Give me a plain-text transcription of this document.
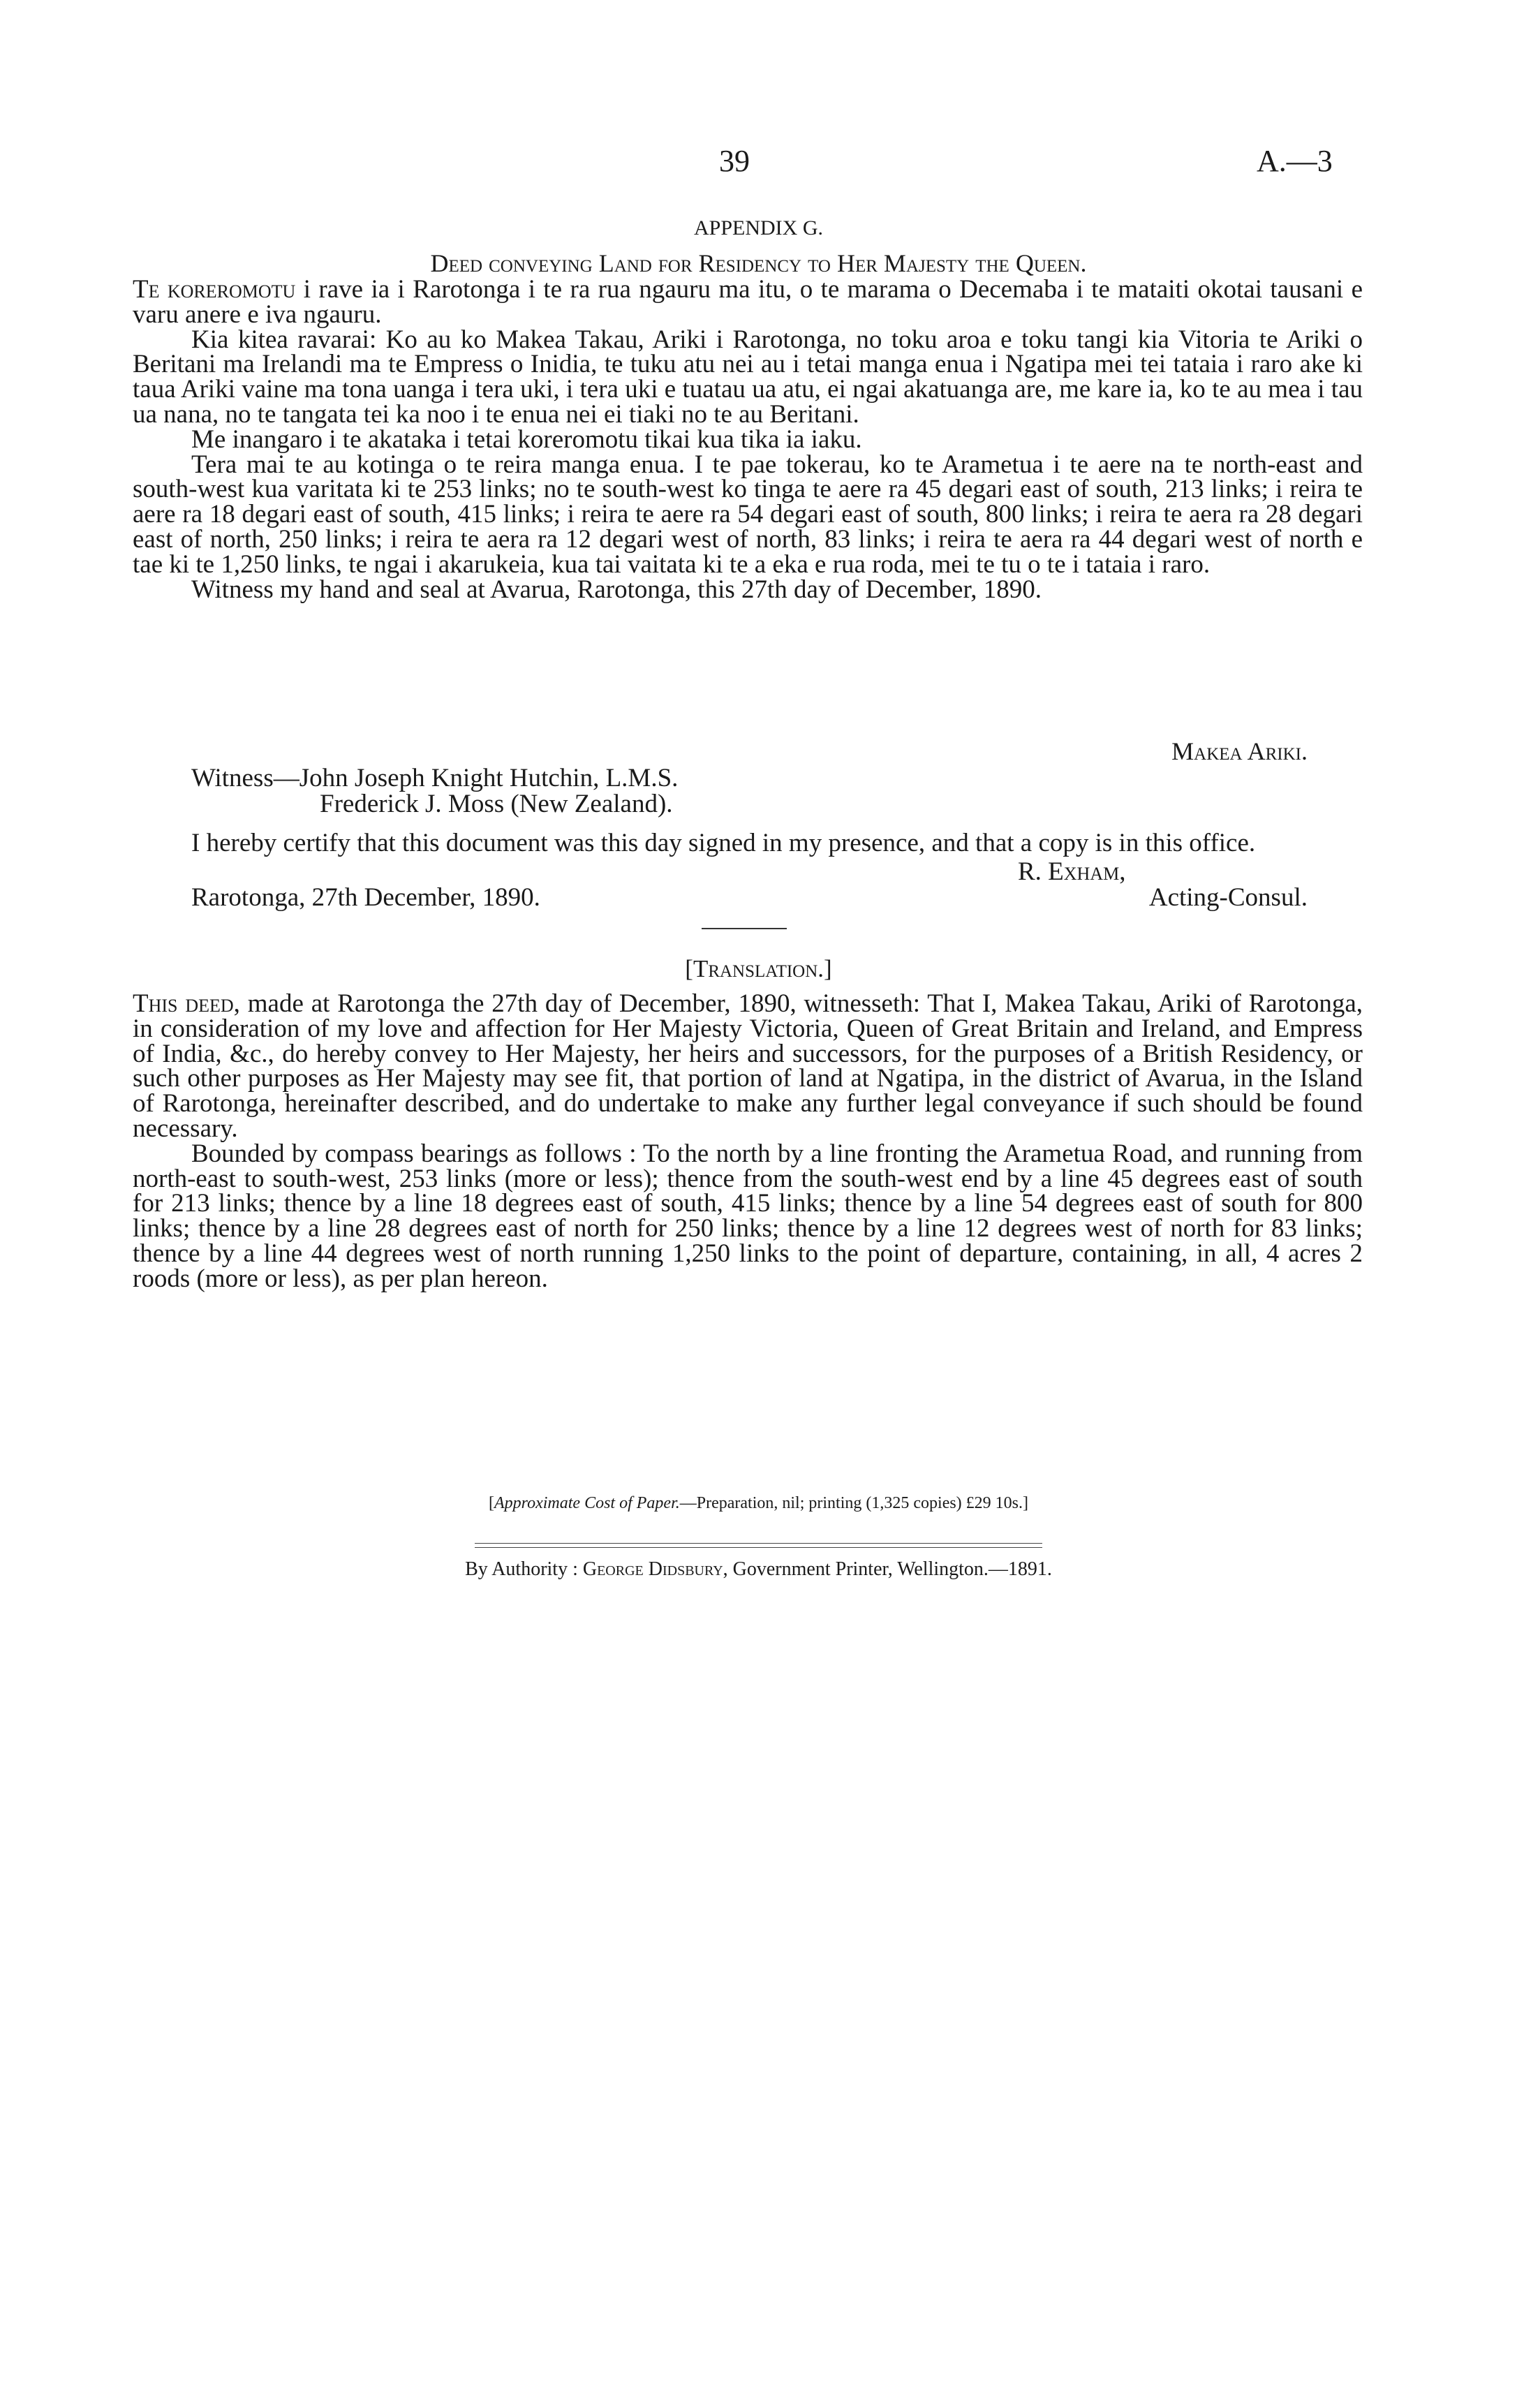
39	A.—3
APPENDIX G.
Deed conveying Land for Residency to Her Majesty the Queen.
Te koreromotu i rave ia i Rarotonga i te ra rua ngauru ma itu, o te marama o Decemaba i te mataiti okotai tausani e varu anere e iva ngauru.
Kia kitea ravarai: Ko au ko Makea Takau, Ariki i Rarotonga, no toku aroa e toku tangi kia Vitoria te Ariki o Beritani ma Irelandi ma te Empress o Inidia, te tuku atu nei au i tetai manga enua i Ngatipa mei tei tataia i raro ake ki taua Ariki vaine ma tona uanga i tera uki, i tera uki e tuatau ua atu, ei ngai akatuanga are, me kare ia, ko te au mea i tau ua nana, no te tangata tei ka noo i te enua nei ei tiaki no te au Beritani.
Me inangaro i te akataka i tetai koreromotu tikai kua tika ia iaku.
Tera mai te au kotinga o te reira manga enua. I te pae tokerau, ko te Arametua i te aere na te north-east and south-west kua varitata ki te 253 links; no te south-west ko tinga te aere ra 45 degari east of south, 213 links; i reira te aere ra 18 degari east of south, 415 links; i reira te aere ra 54 degari east of south, 800 links; i reira te aera ra 28 degari east of north, 250 links; i reira te aera ra 12 degari west of north, 83 links; i reira te aera ra 44 degari west of north e tae ki te 1,250 links, te ngai i akarukeia, kua tai vaitata ki te a eka e rua roda, mei te tu o te i tataia i raro.
Witness my hand and seal at Avarua, Rarotonga, this 27th day of December, 1890.
Makea Ariki.
Witness—John Joseph Knight Hutchin, L.M.S.
Frederick J. Moss (New Zealand).
I hereby certify that this document was this day signed in my presence, and that a copy is in this office.
R. Exham,
Rarotonga, 27th December, 1890.	Acting-Consul.
[Translation.]
This deed, made at Rarotonga the 27th day of December, 1890, witnesseth: That I, Makea Takau, Ariki of Rarotonga, in consideration of my love and affection for Her Majesty Victoria, Queen of Great Britain and Ireland, and Empress of India, &c., do hereby convey to Her Majesty, her heirs and successors, for the purposes of a British Residency, or such other purposes as Her Majesty may see fit, that portion of land at Ngatipa, in the district of Avarua, in the Island of Rarotonga, hereinafter described, and do undertake to make any further legal conveyance if such should be found necessary.
Bounded by compass bearings as follows : To the north by a line fronting the Arametua Road, and running from north-east to south-west, 253 links (more or less); thence from the south-west end by a line 45 degrees east of south for 213 links; thence by a line 18 degrees east of south, 415 links; thence by a line 54 degrees east of south for 800 links; thence by a line 28 degrees east of north for 250 links; thence by a line 12 degrees west of north for 83 links; thence by a line 44 degrees west of north running 1,250 links to the point of departure, containing, in all, 4 acres 2 roods (more or less), as per plan hereon.
[Approximate Cost of Paper.—Preparation, nil; printing (1,325 copies) £29 10s.]
By Authority : George Didsbury, Government Printer, Wellington.—1891.
